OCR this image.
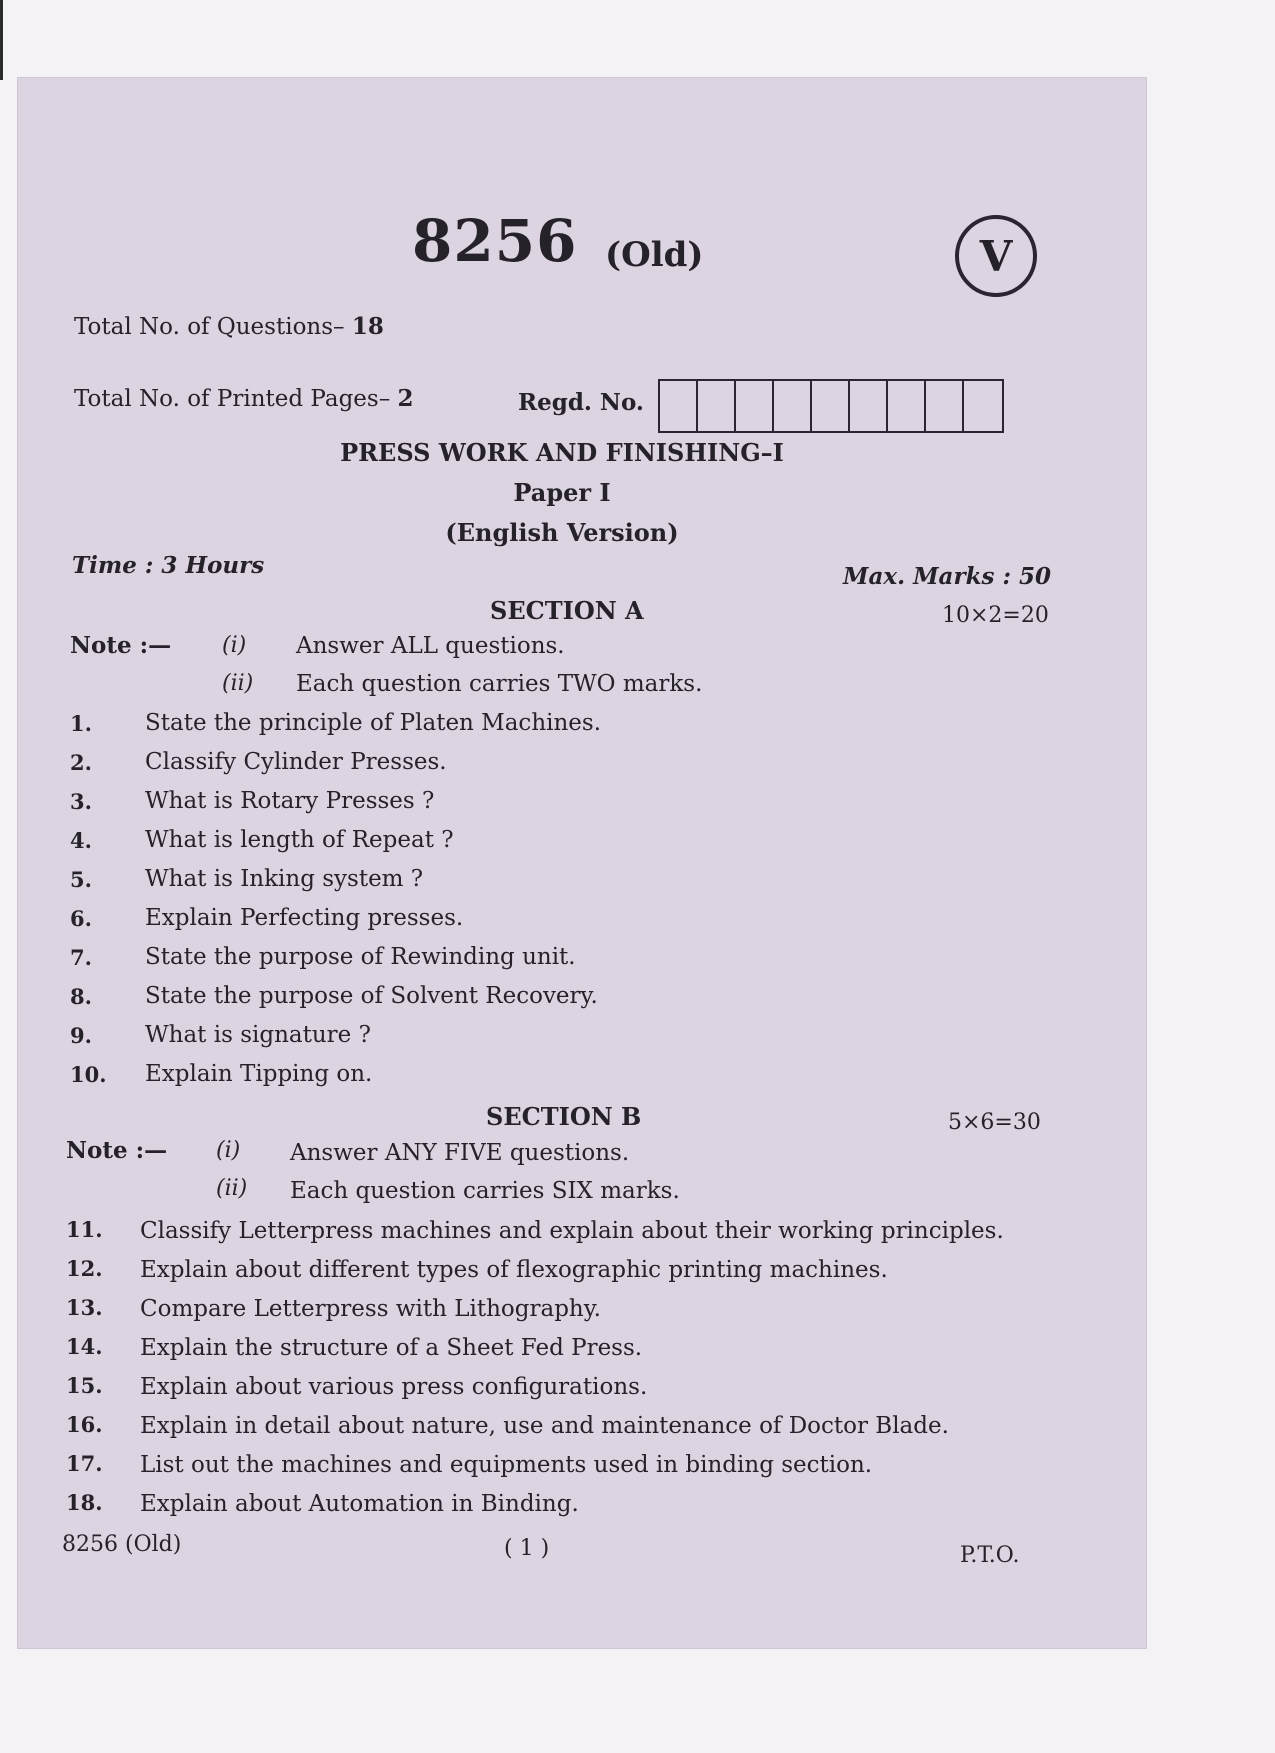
8256 (Old)	V
Total No. of Questions– 18
Total No. of Printed Pages– 2	Regd. No.
PRESS WORK AND FINISHING–I
Paper I
(English Version)
Time : 3 Hours	Max. Marks : 50
SECTION A	10×2=20
Note :— (i) Answer ALL questions.
(ii) Each question carries TWO marks.
1. State the principle of Platen Machines.
2. Classify Cylinder Presses.
3. What is Rotary Presses ?
4. What is length of Repeat ?
5. What is Inking system ?
6. Explain Perfecting presses.
7. State the purpose of Rewinding unit.
8. State the purpose of Solvent Recovery.
9. What is signature ?
10. Explain Tipping on.
SECTION B	5×6=30
Note :— (i) Answer ANY FIVE questions.
(ii) Each question carries SIX marks.
11. Classify Letterpress machines and explain about their working principles.
12. Explain about different types of flexographic printing machines.
13. Compare Letterpress with Lithography.
14. Explain the structure of a Sheet Fed Press.
15. Explain about various press configurations.
16. Explain in detail about nature, use and maintenance of Doctor Blade.
17. List out the machines and equipments used in binding section.
18. Explain about Automation in Binding.
8256 (Old)	( 1 )	P.T.O.
